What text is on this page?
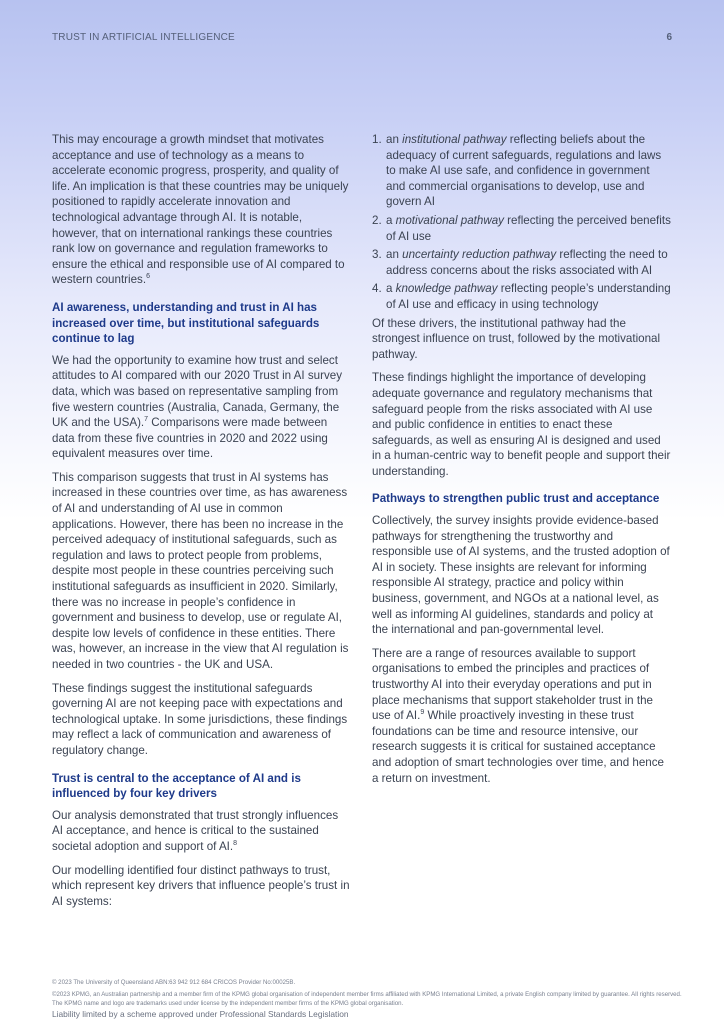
TRUST IN ARTIFICIAL INTELLIGENCE	6

This may encourage a growth mindset that motivates acceptance and use of technology as a means to accelerate economic progress, prosperity, and quality of life. An implication is that these countries may be uniquely positioned to rapidly accelerate innovation and technological advantage through AI. It is notable, however, that on international rankings these countries rank low on governance and regulation frameworks to ensure the ethical and responsible use of AI compared to western countries.$^6$

AI awareness, understanding and trust in AI has increased over time, but institutional safeguards continue to lag

We had the opportunity to examine how trust and select attitudes to AI compared with our 2020 Trust in AI survey data, which was based on representative sampling from five western countries (Australia, Canada, Germany, the UK and the USA).$^7$ Comparisons were made between data from these five countries in 2020 and 2022 using equivalent measures over time.

This comparison suggests that trust in AI systems has increased in these countries over time, as has awareness of AI and understanding of AI use in common applications. However, there has been no increase in the perceived adequacy of institutional safeguards, such as regulation and laws to protect people from problems, despite most people in these countries perceiving such institutional safeguards as insufficient in 2020. Similarly, there was no increase in people’s confidence in government and business to develop, use or regulate AI, despite low levels of confidence in these entities. There was, however, an increase in the view that AI regulation is needed in two countries - the UK and USA.

These findings suggest the institutional safeguards governing AI are not keeping pace with expectations and technological uptake. In some jurisdictions, these findings may reflect a lack of communication and awareness of regulatory change.

Trust is central to the acceptance of AI and is influenced by four key drivers

Our analysis demonstrated that trust strongly influences AI acceptance, and hence is critical to the sustained societal adoption and support of AI.$^8$

Our modelling identified four distinct pathways to trust, which represent key drivers that influence people’s trust in AI systems:

1. an institutional pathway reflecting beliefs about the adequacy of current safeguards, regulations and laws to make AI use safe, and confidence in government and commercial organisations to develop, use and govern AI
2. a motivational pathway reflecting the perceived benefits of AI use
3. an uncertainty reduction pathway reflecting the need to address concerns about the risks associated with AI
4. a knowledge pathway reflecting people’s understanding of AI use and efficacy in using technology

Of these drivers, the institutional pathway had the strongest influence on trust, followed by the motivational pathway.

These findings highlight the importance of developing adequate governance and regulatory mechanisms that safeguard people from the risks associated with AI use and public confidence in entities to enact these safeguards, as well as ensuring AI is designed and used in a human-centric way to benefit people and support their understanding.

Pathways to strengthen public trust and acceptance

Collectively, the survey insights provide evidence-based pathways for strengthening the trustworthy and responsible use of AI systems, and the trusted adoption of AI in society. These insights are relevant for informing responsible AI strategy, practice and policy within business, government, and NGOs at a national level, as well as informing AI guidelines, standards and policy at the international and pan-governmental level.

There are a range of resources available to support organisations to embed the principles and practices of trustworthy AI into their everyday operations and put in place mechanisms that support stakeholder trust in the use of AI.$^9$ While proactively investing in these trust foundations can be time and resource intensive, our research suggests it is critical for sustained acceptance and adoption of smart technologies over time, and hence a return on investment.

© 2023 The University of Queensland ABN:63 942 912 684 CRICOS Provider No:00025B.
©2023 KPMG, an Australian partnership and a member firm of the KPMG global organisation of independent member firms affiliated with KPMG International Limited, a private English company limited by guarantee. All rights reserved. The KPMG name and logo are trademarks used under license by the independent member firms of the KPMG global organisation.
Liability limited by a scheme approved under Professional Standards Legislation
